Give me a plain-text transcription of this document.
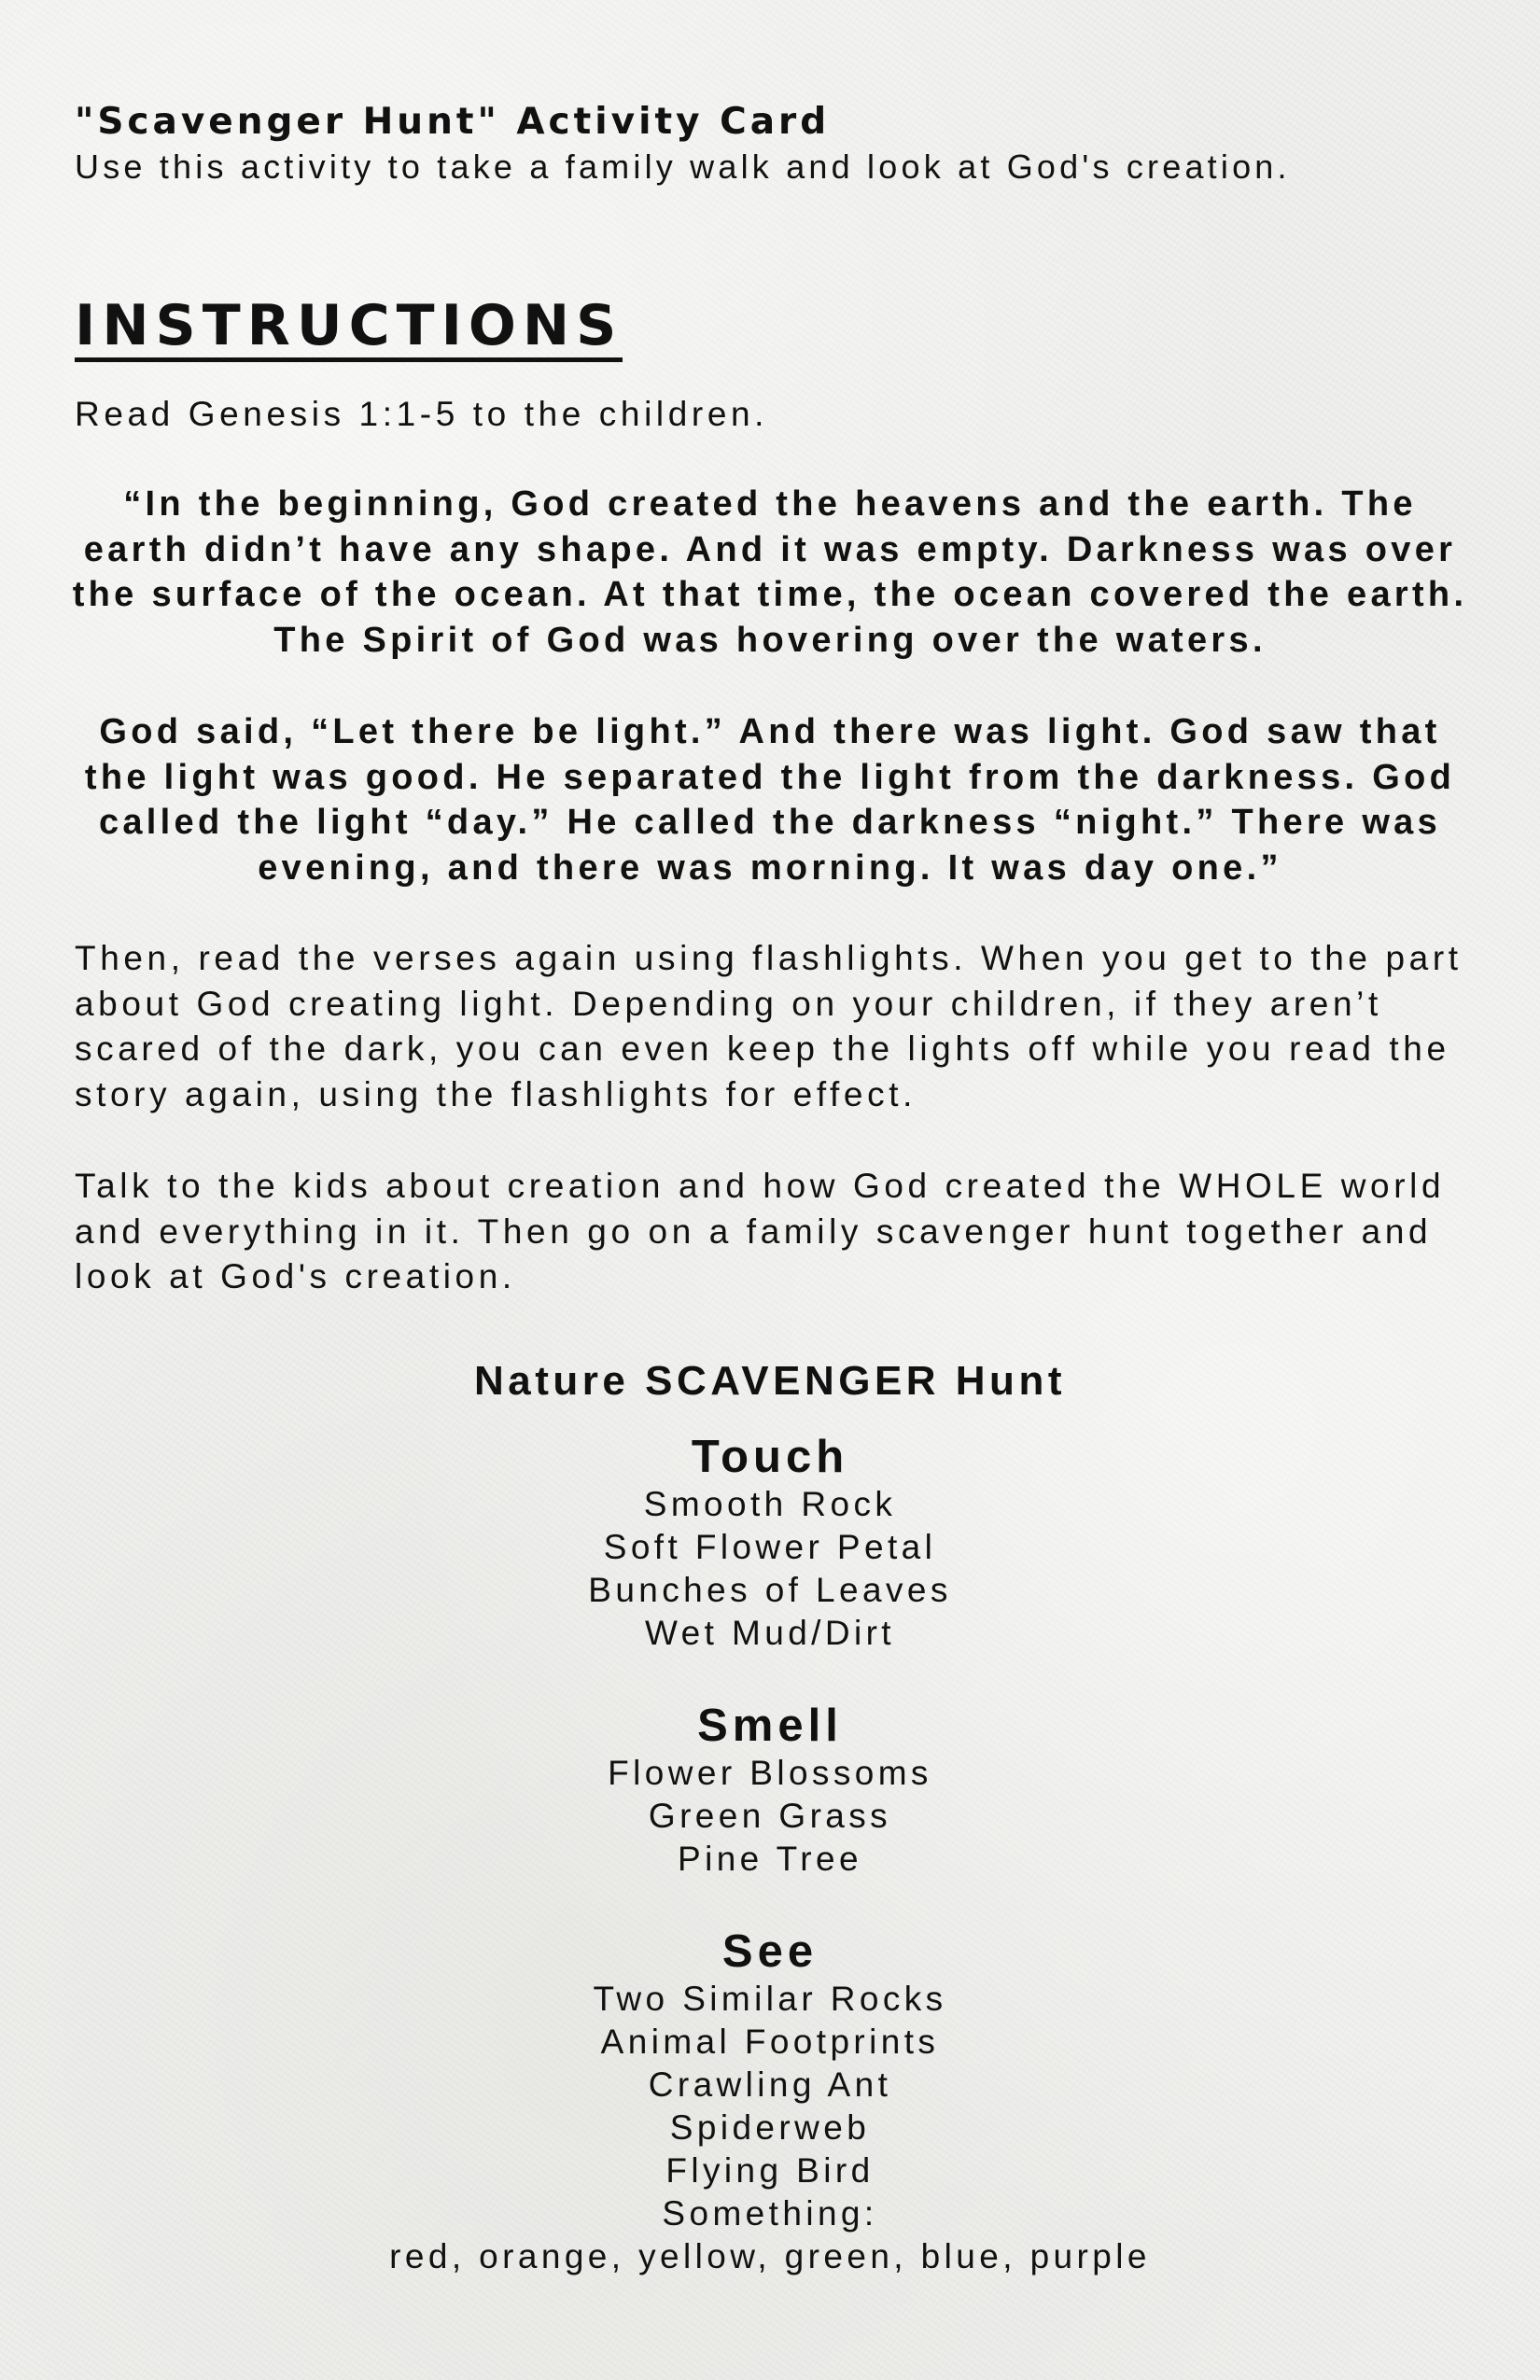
"Scavenger Hunt" Activity Card

Use this activity to take a family walk and look at God's creation.

INSTRUCTIONS

Read Genesis 1:1-5 to the children.

“In the beginning, God created the heavens and the earth. The earth didn’t have any shape. And it was empty. Darkness was over the surface of the ocean. At that time, the ocean covered the earth. The Spirit of God was hovering over the waters.

God said, “Let there be light.” And there was light. God saw that the light was good. He separated the light from the darkness. God called the light “day.” He called the darkness “night.” There was evening, and there was morning. It was day one.”

Then, read the verses again using flashlights. When you get to the part about God creating light. Depending on your children, if they aren’t scared of the dark, you can even keep the lights off while you read the story again, using the flashlights for effect.

Talk to the kids about creation and how God created the WHOLE world and everything in it. Then go on a family scavenger hunt together and look at God's creation.

Nature SCAVENGER Hunt
Touch
Smooth Rock
Soft Flower Petal
Bunches of Leaves
Wet Mud/Dirt
Smell
Flower Blossoms
Green Grass
Pine Tree
See
Two Similar Rocks
Animal Footprints
Crawling Ant
Spiderweb
Flying Bird
Something:
red, orange, yellow, green, blue, purple
